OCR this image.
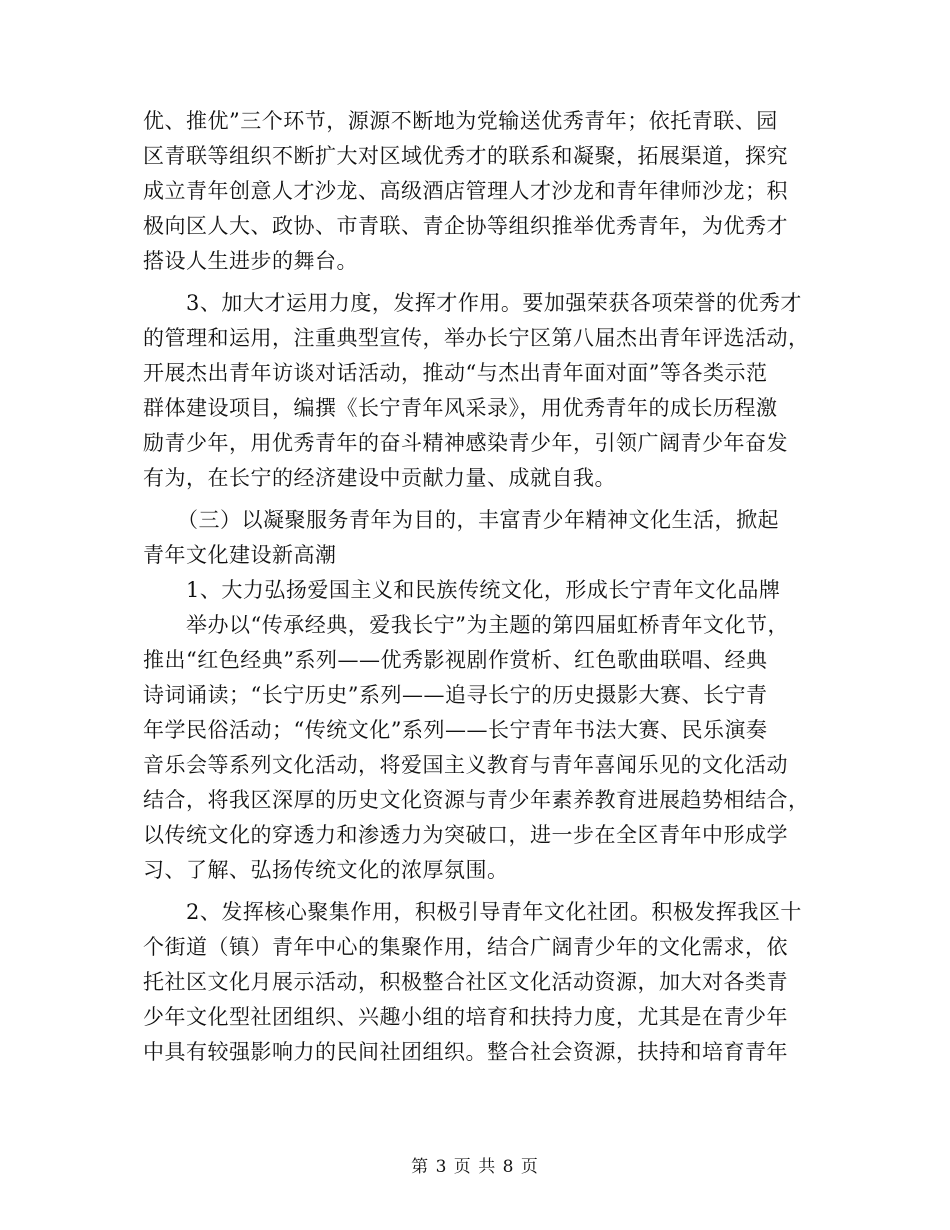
优、推优”三个环节，源源不断地为党输送优秀青年；依托青联、园
区青联等组织不断扩大对区域优秀才的联系和凝聚，拓展渠道，探究
成立青年创意人才沙龙、高级酒店管理人才沙龙和青年律师沙龙；积
极向区人大、政协、市青联、青企协等组织推举优秀青年，为优秀才
搭设人生进步的舞台。
3、加大才运用力度，发挥才作用。要加强荣获各项荣誉的优秀才
的管理和运用，注重典型宣传，举办长宁区第八届杰出青年评选活动，
开展杰出青年访谈对话活动，推动“与杰出青年面对面”等各类示范
群体建设项目，编撰《长宁青年风采录》，用优秀青年的成长历程激
励青少年，用优秀青年的奋斗精神感染青少年，引领广阔青少年奋发
有为，在长宁的经济建设中贡献力量、成就自我。
（三）以凝聚服务青年为目的，丰富青少年精神文化生活，掀起
青年文化建设新高潮
1、大力弘扬爱国主义和民族传统文化，形成长宁青年文化品牌
举办以“传承经典，爱我长宁”为主题的第四届虹桥青年文化节，
推出“红色经典”系列——优秀影视剧作赏析、红色歌曲联唱、经典
诗词诵读；“长宁历史”系列——追寻长宁的历史摄影大赛、长宁青
年学民俗活动；“传统文化”系列——长宁青年书法大赛、民乐演奏
音乐会等系列文化活动，将爱国主义教育与青年喜闻乐见的文化活动
结合，将我区深厚的历史文化资源与青少年素养教育进展趋势相结合，
以传统文化的穿透力和渗透力为突破口，进一步在全区青年中形成学
习、了解、弘扬传统文化的浓厚氛围。
2、发挥核心聚集作用，积极引导青年文化社团。积极发挥我区十
个街道（镇）青年中心的集聚作用，结合广阔青少年的文化需求，依
托社区文化月展示活动，积极整合社区文化活动资源，加大对各类青
少年文化型社团组织、兴趣小组的培育和扶持力度，尤其是在青少年
中具有较强影响力的民间社团组织。整合社会资源，扶持和培育青年
第 3 页 共 8 页
